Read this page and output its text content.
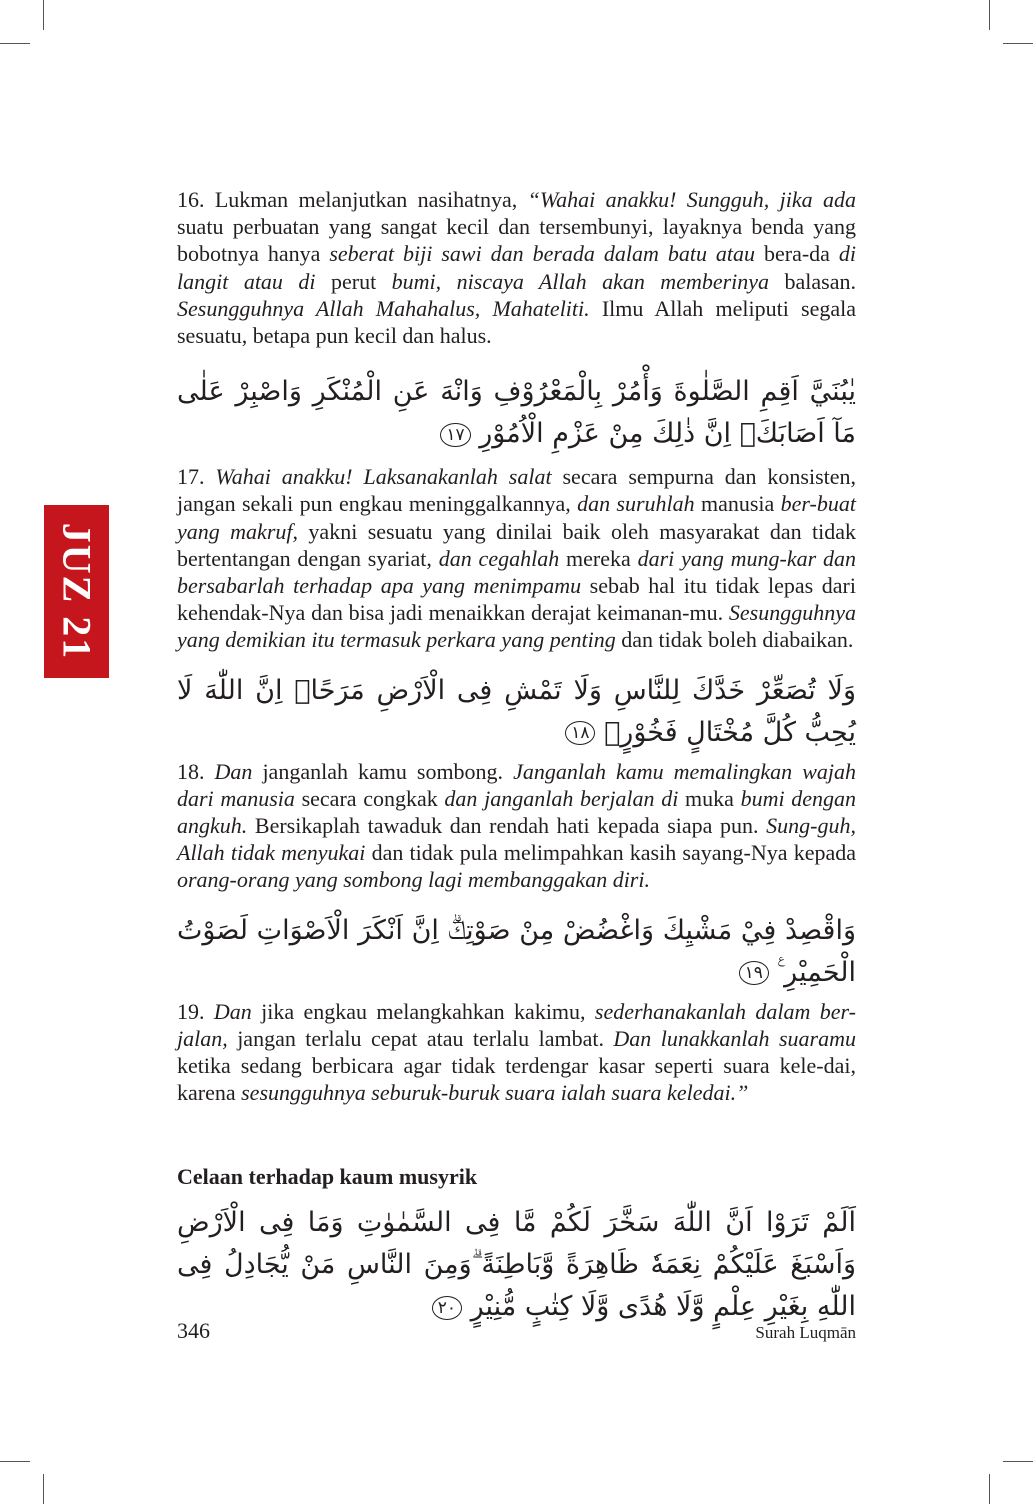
JUZ 21

16. Lukman melanjutkan nasihatnya, “Wahai anakku! Sungguh, jika ada suatu perbuatan yang sangat kecil dan tersembunyi, layaknya benda yang bobotnya hanya seberat biji sawi dan berada dalam batu atau bera-da di langit atau di perut bumi, niscaya Allah akan memberinya balasan. Sesungguhnya Allah Mahahalus, Mahateliti. Ilmu Allah meliputi segala sesuatu, betapa pun kecil dan halus.

يٰبُنَيَّ اَقِمِ الصَّلٰوةَ وَأْمُرْ بِالْمَعْرُوْفِ وَانْهَ عَنِ الْمُنْكَرِ وَاصْبِرْ عَلٰى مَآ اَصَابَكَۗ اِنَّ ذٰلِكَ مِنْ عَزْمِ الْاُمُوْرِ ١٧

17. Wahai anakku! Laksanakanlah salat secara sempurna dan konsisten, jangan sekali pun engkau meninggalkannya, dan suruhlah manusia ber-buat yang makruf, yakni sesuatu yang dinilai baik oleh masyarakat dan tidak bertentangan dengan syariat, dan cegahlah mereka dari yang mung-kar dan bersabarlah terhadap apa yang menimpamu sebab hal itu tidak lepas dari kehendak-Nya dan bisa jadi menaikkan derajat keimanan-mu. Sesungguhnya yang demikian itu termasuk perkara yang penting dan tidak boleh diabaikan.

وَلَا تُصَعِّرْ خَدَّكَ لِلنَّاسِ وَلَا تَمْشِ فِى الْاَرْضِ مَرَحًاۗ اِنَّ اللّٰهَ لَا يُحِبُّ كُلَّ مُخْتَالٍ فَخُوْرٍۚ ١٨

18. Dan janganlah kamu sombong. Janganlah kamu memalingkan wajah dari manusia secara congkak dan janganlah berjalan di muka bumi dengan angkuh. Bersikaplah tawaduk dan rendah hati kepada siapa pun. Sung-guh, Allah tidak menyukai dan tidak pula melimpahkan kasih sayang-Nya kepada orang-orang yang sombong lagi membanggakan diri.

وَاقْصِدْ فِيْ مَشْيِكَ وَاغْضُضْ مِنْ صَوْتِكَۗ اِنَّ اَنْكَرَ الْاَصْوَاتِ لَصَوْتُ الْحَمِيْرِ ࣖ ١٩

19. Dan jika engkau melangkahkan kakimu, sederhanakanlah dalam ber-jalan, jangan terlalu cepat atau terlalu lambat. Dan lunakkanlah suaramu ketika sedang berbicara agar tidak terdengar kasar seperti suara kele-dai, karena sesungguhnya seburuk-buruk suara ialah suara keledai.”

Celaan terhadap kaum musyrik

اَلَمْ تَرَوْا اَنَّ اللّٰهَ سَخَّرَ لَكُمْ مَّا فِى السَّمٰوٰتِ وَمَا فِى الْاَرْضِ وَاَسْبَغَ عَلَيْكُمْ نِعَمَهٗ ظَاهِرَةً وَّبَاطِنَةً ۗوَمِنَ النَّاسِ مَنْ يُّجَادِلُ فِى اللّٰهِ بِغَيْرِ عِلْمٍ وَّلَا هُدًى وَّلَا كِتٰبٍ مُّنِيْرٍ ٢٠

346	Surah Luqmān
